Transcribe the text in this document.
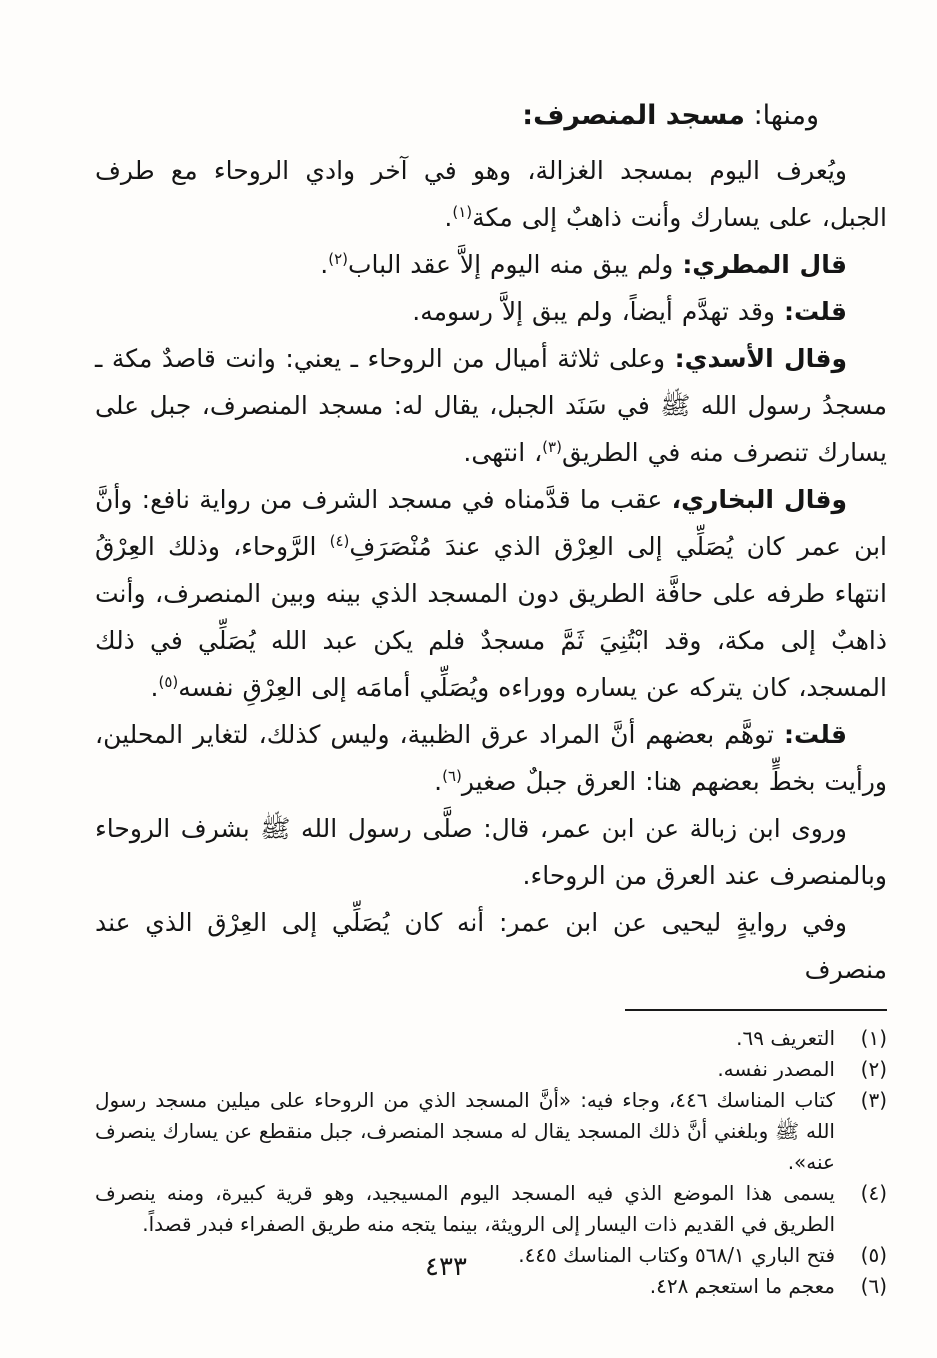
ومنها: مسجد المنصرف:

ويُعرف اليوم بمسجد الغزالة، وهو في آخر وادي الروحاء مع طرف الجبل، على يسارك وأنت ذاهبٌ إلى مكة$^{(١)}$.

قال المطري: ولم يبق منه اليوم إلاَّ عقد الباب$^{(٢)}$.

قلت: وقد تهدَّم أيضاً، ولم يبق إلاَّ رسومه.

وقال الأسدي: وعلى ثلاثة أميال من الروحاء ـ يعني: وانت قاصدٌ مكة ـ مسجدُ رسول الله ﷺ في سَنَد الجبل، يقال له: مسجد المنصرف، جبل على يسارك تنصرف منه في الطريق$^{(٣)}$، انتهى.

وقال البخاري، عقب ما قدَّمناه في مسجد الشرف من رواية نافع: وأنَّ ابن عمر كان يُصَلِّي إلى العِرْق الذي عندَ مُنْصَرَفِ$^{(٤)}$ الرَّوحاء، وذلك العِرْقُ انتهاء طرفه على حافَّة الطريق دون المسجد الذي بينه وبين المنصرف، وأنت ذاهبٌ إلى مكة، وقد ابْتُنِيَ ثَمَّ مسجدٌ فلم يكن عبد الله يُصَلِّي في ذلك المسجد، كان يتركه عن يساره ووراءه ويُصَلِّي أمامَه إلى العِرْقِ نفسه$^{(٥)}$.

قلت: توهَّم بعضهم أنَّ المراد عرق الظبية، وليس كذلك، لتغاير المحلين، ورأيت بخطٍّ بعضهم هنا: العرق جبلٌ صغير$^{(٦)}$.

وروى ابن زبالة عن ابن عمر، قال: صلَّى رسول الله ﷺ بشرف الروحاء وبالمنصرف عند العرق من الروحاء.

وفي روايةٍ ليحيى عن ابن عمر: أنه كان يُصَلِّي إلى العِرْق الذي عند منصرف

(١)
التعريف ٦٩.
(٢)
المصدر نفسه.
(٣)
كتاب المناسك ٤٤٦، وجاء فيه: «أنَّ المسجد الذي من الروحاء على ميلين مسجد رسول الله ﷺ وبلغني أنَّ ذلك المسجد يقال له مسجد المنصرف، جبل منقطع عن يسارك ينصرف عنه».
(٤)
يسمى هذا الموضع الذي فيه المسجد اليوم المسيجيد، وهو قرية كبيرة، ومنه ينصرف الطريق في القديم ذات اليسار إلى الرويثة، بينما يتجه منه طريق الصفراء فبدر قصداً.
(٥)
فتح الباري ٥٦٨/١ وكتاب المناسك ٤٤٥.
(٦)
معجم ما استعجم ٤٢٨.
٤٣٣
